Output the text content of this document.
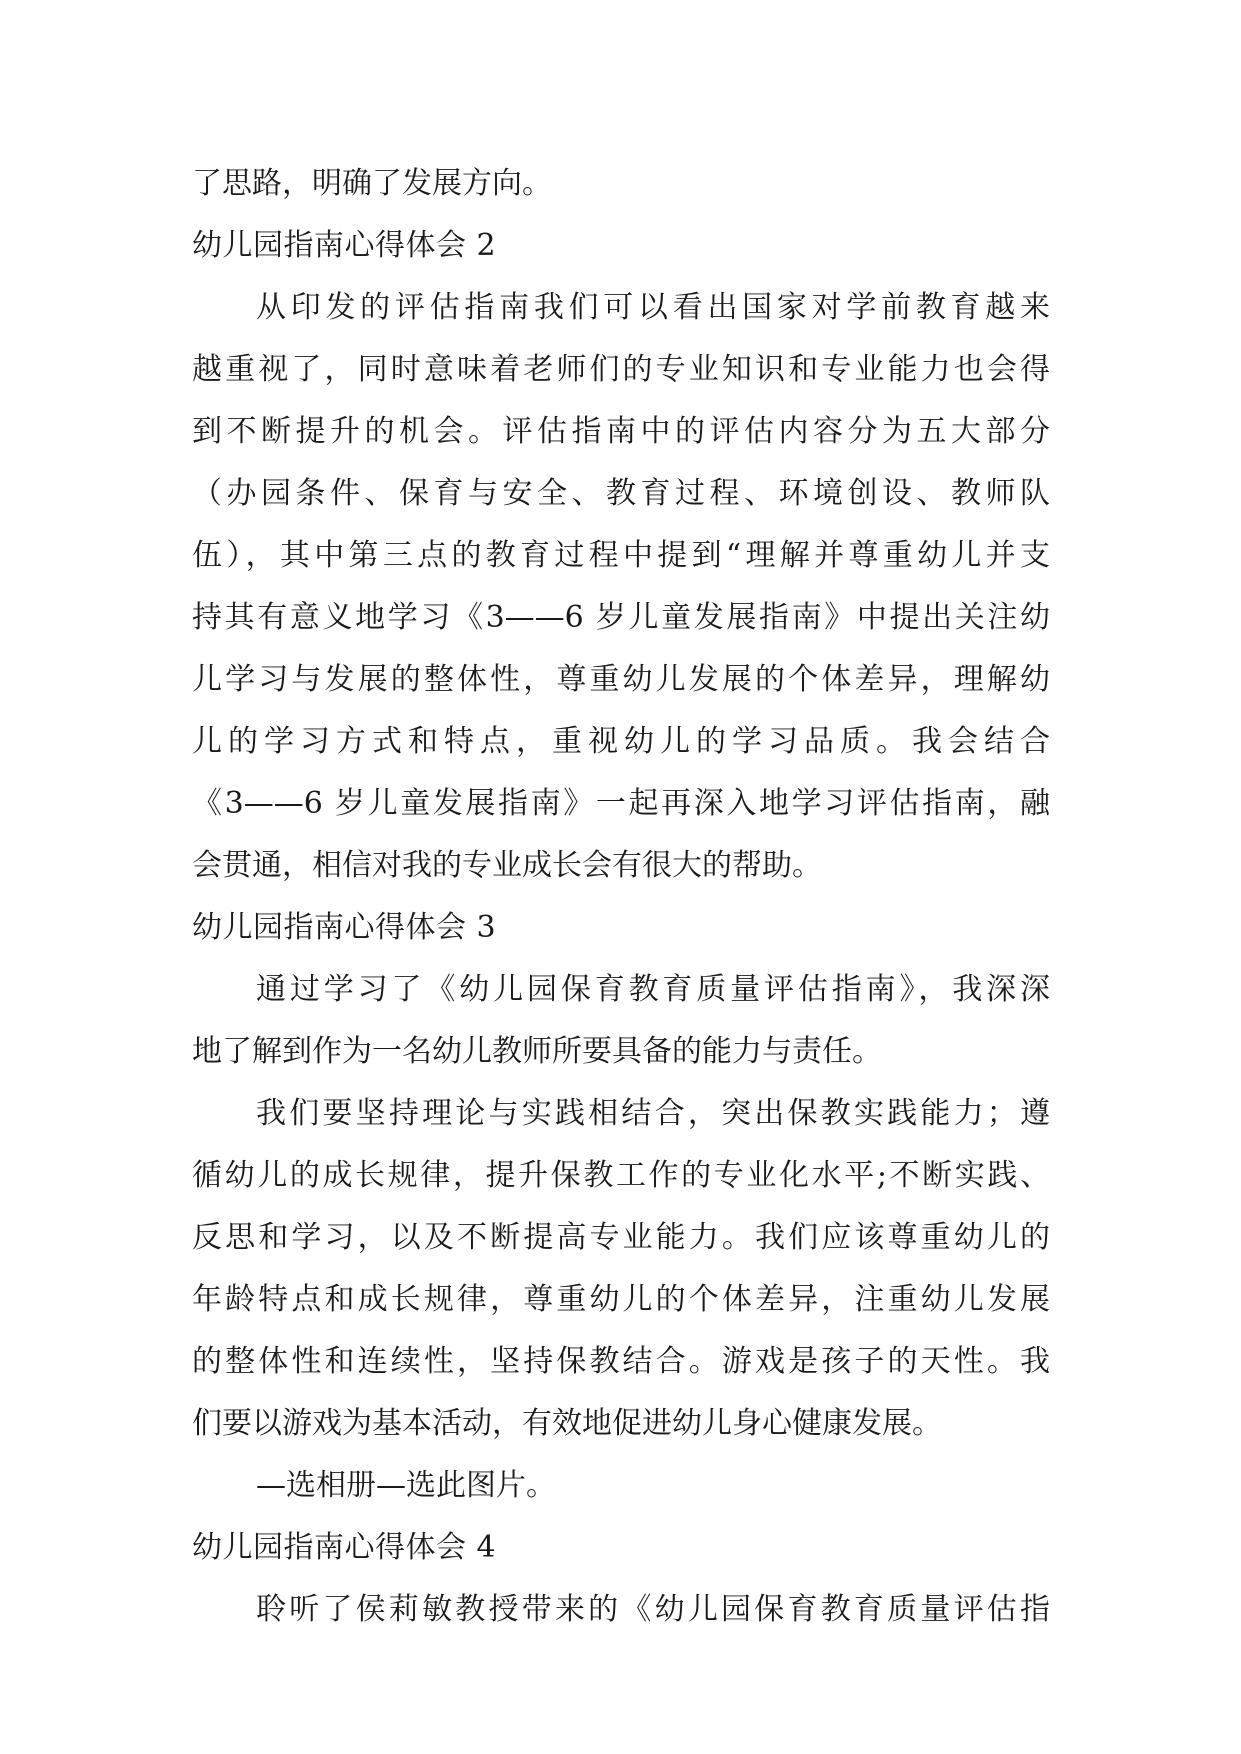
了思路，明确了发展方向。
幼儿园指南心得体会 2
从印发的评估指南我们可以看出国家对学前教育越来
越重视了，同时意味着老师们的专业知识和专业能力也会得
到不断提升的机会。评估指南中的评估内容分为五大部分
（办园条件、保育与安全、教育过程、环境创设、教师队
伍），其中第三点的教育过程中提到“理解并尊重幼儿并支
持其有意义地学习《3——6 岁儿童发展指南》中提出关注幼
儿学习与发展的整体性，尊重幼儿发展的个体差异，理解幼
儿的学习方式和特点，重视幼儿的学习品质。我会结合
《3——6 岁儿童发展指南》一起再深入地学习评估指南，融
会贯通，相信对我的专业成长会有很大的帮助。
幼儿园指南心得体会 3
通过学习了《幼儿园保育教育质量评估指南》，我深深
地了解到作为一名幼儿教师所要具备的能力与责任。
我们要坚持理论与实践相结合，突出保教实践能力；遵
循幼儿的成长规律，提升保教工作的专业化水平;不断实践、
反思和学习，以及不断提高专业能力。我们应该尊重幼儿的
年龄特点和成长规律，尊重幼儿的个体差异，注重幼儿发展
的整体性和连续性，坚持保教结合。游戏是孩子的天性。我
们要以游戏为基本活动，有效地促进幼儿身心健康发展。
—选相册—选此图片。
幼儿园指南心得体会 4
聆听了侯莉敏教授带来的《幼儿园保育教育质量评估指
